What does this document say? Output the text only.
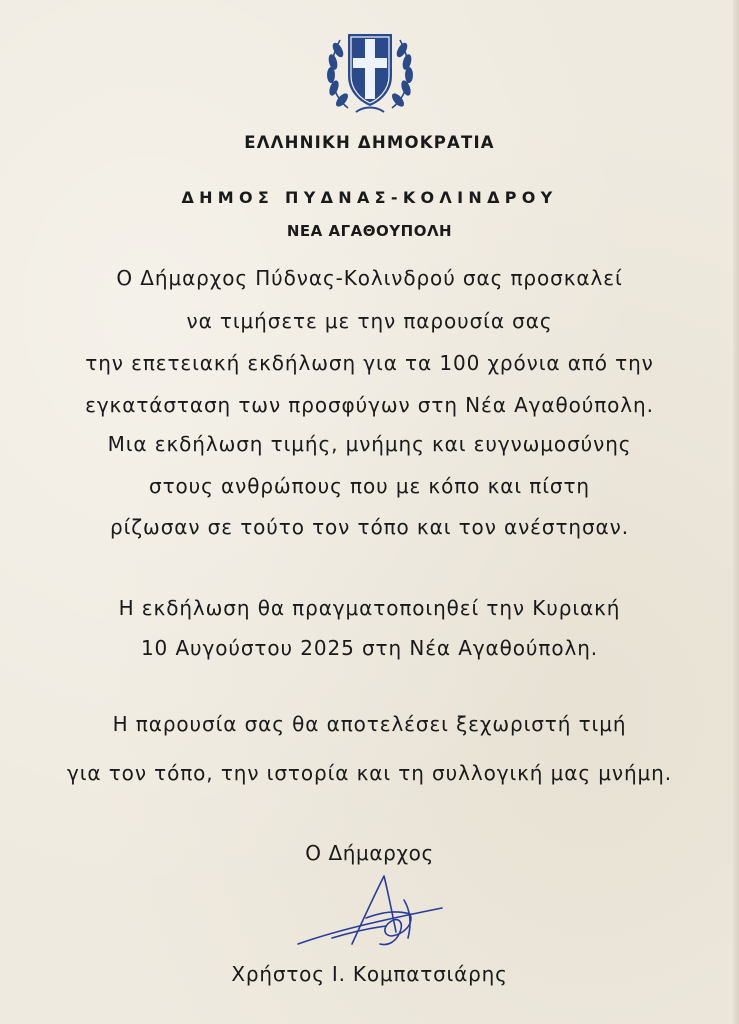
ΕΛΛΗΝΙΚΗ ΔΗΜΟΚΡΑΤΙΑ
ΔΗΜΟΣ ΠΥΔΝΑΣ-ΚΟΛΙΝΔΡΟΥ
ΝΕΑ ΑΓΑΘΟΥΠΟΛΗ
Ο Δήμαρχος Πύδνας-Κολινδρού σας προσκαλεί
να τιμήσετε με την παρουσία σας
την επετειακή εκδήλωση για τα 100 χρόνια από την
εγκατάσταση των προσφύγων στη Νέα Αγαθούπολη.
Μια εκδήλωση τιμής, μνήμης και ευγνωμοσύνης
στους ανθρώπους που με κόπο και πίστη
ρίζωσαν σε τούτο τον τόπο και τον ανέστησαν.
Η εκδήλωση θα πραγματοποιηθεί την Κυριακή
10 Αυγούστου 2025 στη Νέα Αγαθούπολη.
Η παρουσία σας θα αποτελέσει ξεχωριστή τιμή
για τον τόπο, την ιστορία και τη συλλογική μας μνήμη.
Ο Δήμαρχος
Χρήστος Ι. Κομπατσιάρης
